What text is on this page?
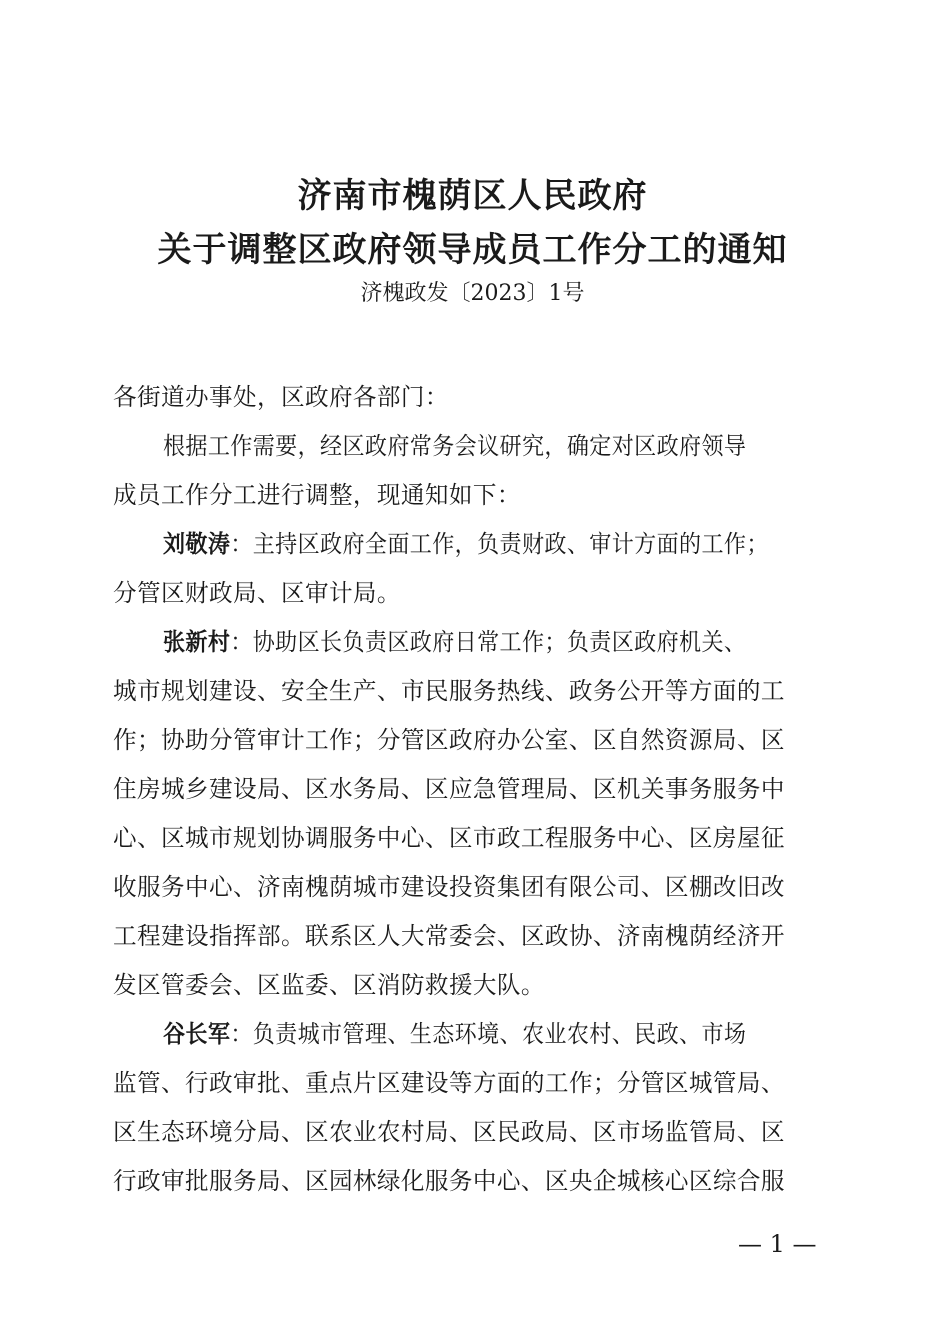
济南市槐荫区人民政府
关于调整区政府领导成员工作分工的通知
济槐政发〔2023〕1号
各街道办事处，区政府各部门：
根据工作需要，经区政府常务会议研究，确定对区政府领导
成员工作分工进行调整，现通知如下：
刘敬涛：主持区政府全面工作，负责财政、审计方面的工作；
分管区财政局、区审计局。
张新村：协助区长负责区政府日常工作；负责区政府机关、
城市规划建设、安全生产、市民服务热线、政务公开等方面的工
作；协助分管审计工作；分管区政府办公室、区自然资源局、区
住房城乡建设局、区水务局、区应急管理局、区机关事务服务中
心、区城市规划协调服务中心、区市政工程服务中心、区房屋征
收服务中心、济南槐荫城市建设投资集团有限公司、区棚改旧改
工程建设指挥部。联系区人大常委会、区政协、济南槐荫经济开
发区管委会、区监委、区消防救援大队。
谷长军：负责城市管理、生态环境、农业农村、民政、市场
监管、行政审批、重点片区建设等方面的工作；分管区城管局、
区生态环境分局、区农业农村局、区民政局、区市场监管局、区
行政审批服务局、区园林绿化服务中心、区央企城核心区综合服
— 1 —
